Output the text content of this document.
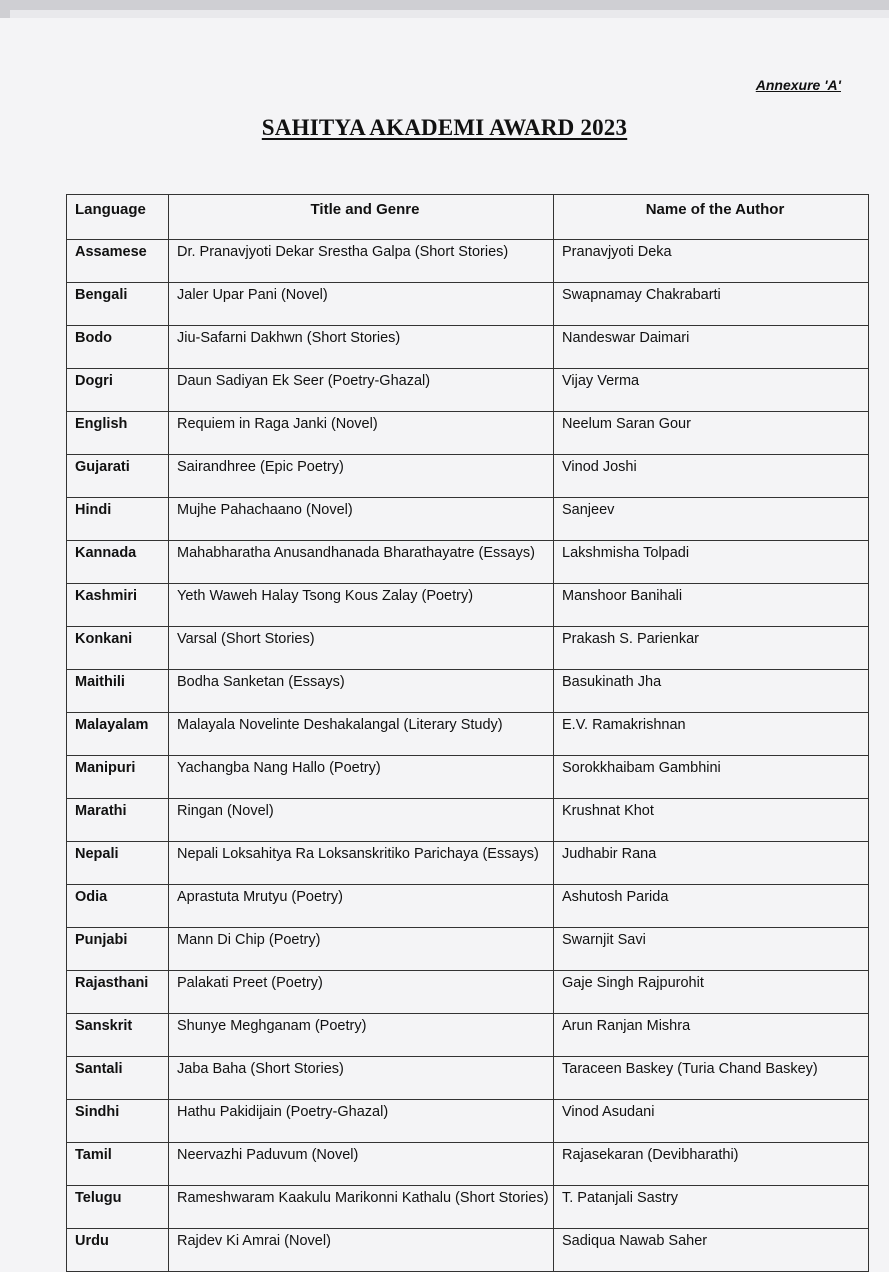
Annexure 'A'
SAHITYA AKADEMI AWARD 2023
Language	Title and Genre	Name of the Author
Assamese	Dr. Pranavjyoti Dekar Srestha Galpa (Short Stories)	Pranavjyoti Deka
Bengali	Jaler Upar Pani (Novel)	Swapnamay Chakrabarti
Bodo	Jiu-Safarni Dakhwn (Short Stories)	Nandeswar Daimari
Dogri	Daun Sadiyan Ek Seer (Poetry-Ghazal)	Vijay Verma
English	Requiem in Raga Janki (Novel)	Neelum Saran Gour
Gujarati	Sairandhree (Epic Poetry)	Vinod Joshi
Hindi	Mujhe Pahachaano (Novel)	Sanjeev
Kannada	Mahabharatha Anusandhanada Bharathayatre (Essays)	Lakshmisha Tolpadi
Kashmiri	Yeth Waweh Halay Tsong Kous Zalay (Poetry)	Manshoor Banihali
Konkani	Varsal (Short Stories)	Prakash S. Parienkar
Maithili	Bodha Sanketan (Essays)	Basukinath Jha
Malayalam	Malayala Novelinte Deshakalangal (Literary Study)	E.V. Ramakrishnan
Manipuri	Yachangba Nang Hallo (Poetry)	Sorokkhaibam Gambhini
Marathi	Ringan (Novel)	Krushnat Khot
Nepali	Nepali Loksahitya Ra Loksanskritiko Parichaya (Essays)	Judhabir Rana
Odia	Aprastuta Mrutyu (Poetry)	Ashutosh Parida
Punjabi	Mann Di Chip (Poetry)	Swarnjit Savi
Rajasthani	Palakati Preet (Poetry)	Gaje Singh Rajpurohit
Sanskrit	Shunye Meghganam (Poetry)	Arun Ranjan Mishra
Santali	Jaba Baha (Short Stories)	Taraceen Baskey (Turia Chand Baskey)
Sindhi	Hathu Pakidijain (Poetry-Ghazal)	Vinod Asudani
Tamil	Neervazhi Paduvum (Novel)	Rajasekaran (Devibharathi)
Telugu	Rameshwaram Kaakulu Marikonni Kathalu (Short Stories)	T. Patanjali Sastry
Urdu	Rajdev Ki Amrai (Novel)	Sadiqua Nawab Saher
